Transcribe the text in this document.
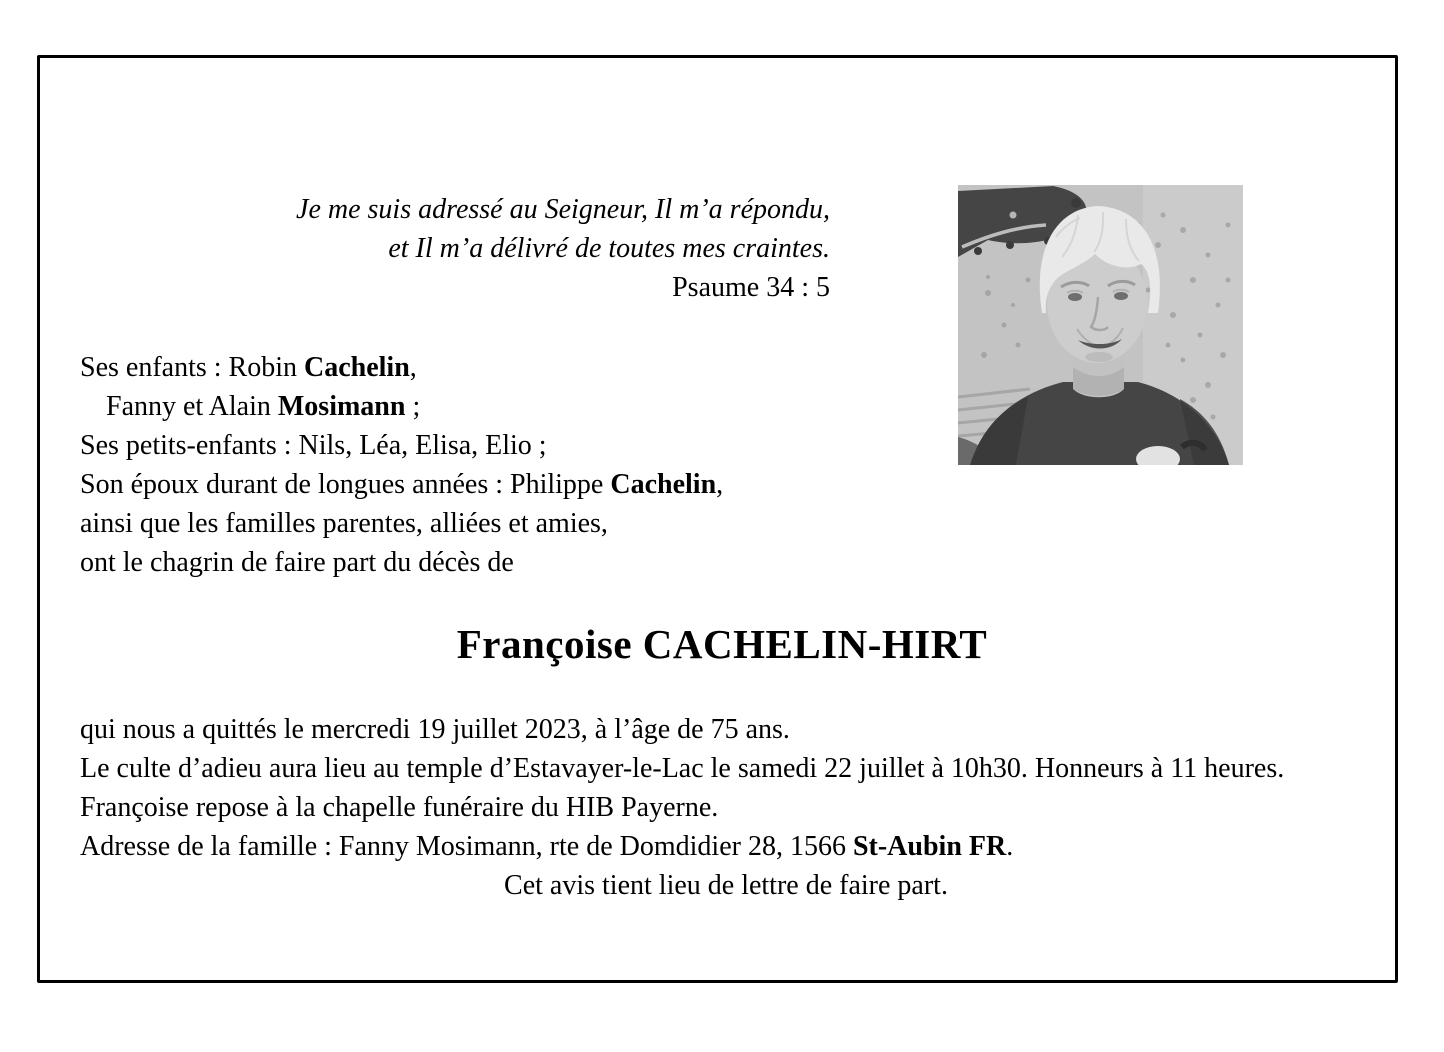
Je me suis adressé au Seigneur, Il m’a répondu,
et Il m’a délivré de toutes mes craintes.
Psaume 34 : 5
Ses enfants : Robin Cachelin,
Fanny et Alain Mosimann ;
Ses petits-enfants : Nils, Léa, Elisa, Elio ;
Son époux durant de longues années : Philippe Cachelin,
ainsi que les familles parentes, alliées et amies,
ont le chagrin de faire part du décès de
Françoise CACHELIN-HIRT
qui nous a quittés le mercredi 19 juillet 2023, à l’âge de 75 ans.
Le culte d’adieu aura lieu au temple d’Estavayer-le-Lac le samedi 22 juillet à 10h30. Honneurs à 11 heures.
Françoise repose à la chapelle funéraire du HIB Payerne.
Adresse de la famille : Fanny Mosimann, rte de Domdidier 28, 1566 St-Aubin FR.
Cet avis tient lieu de lettre de faire part.
